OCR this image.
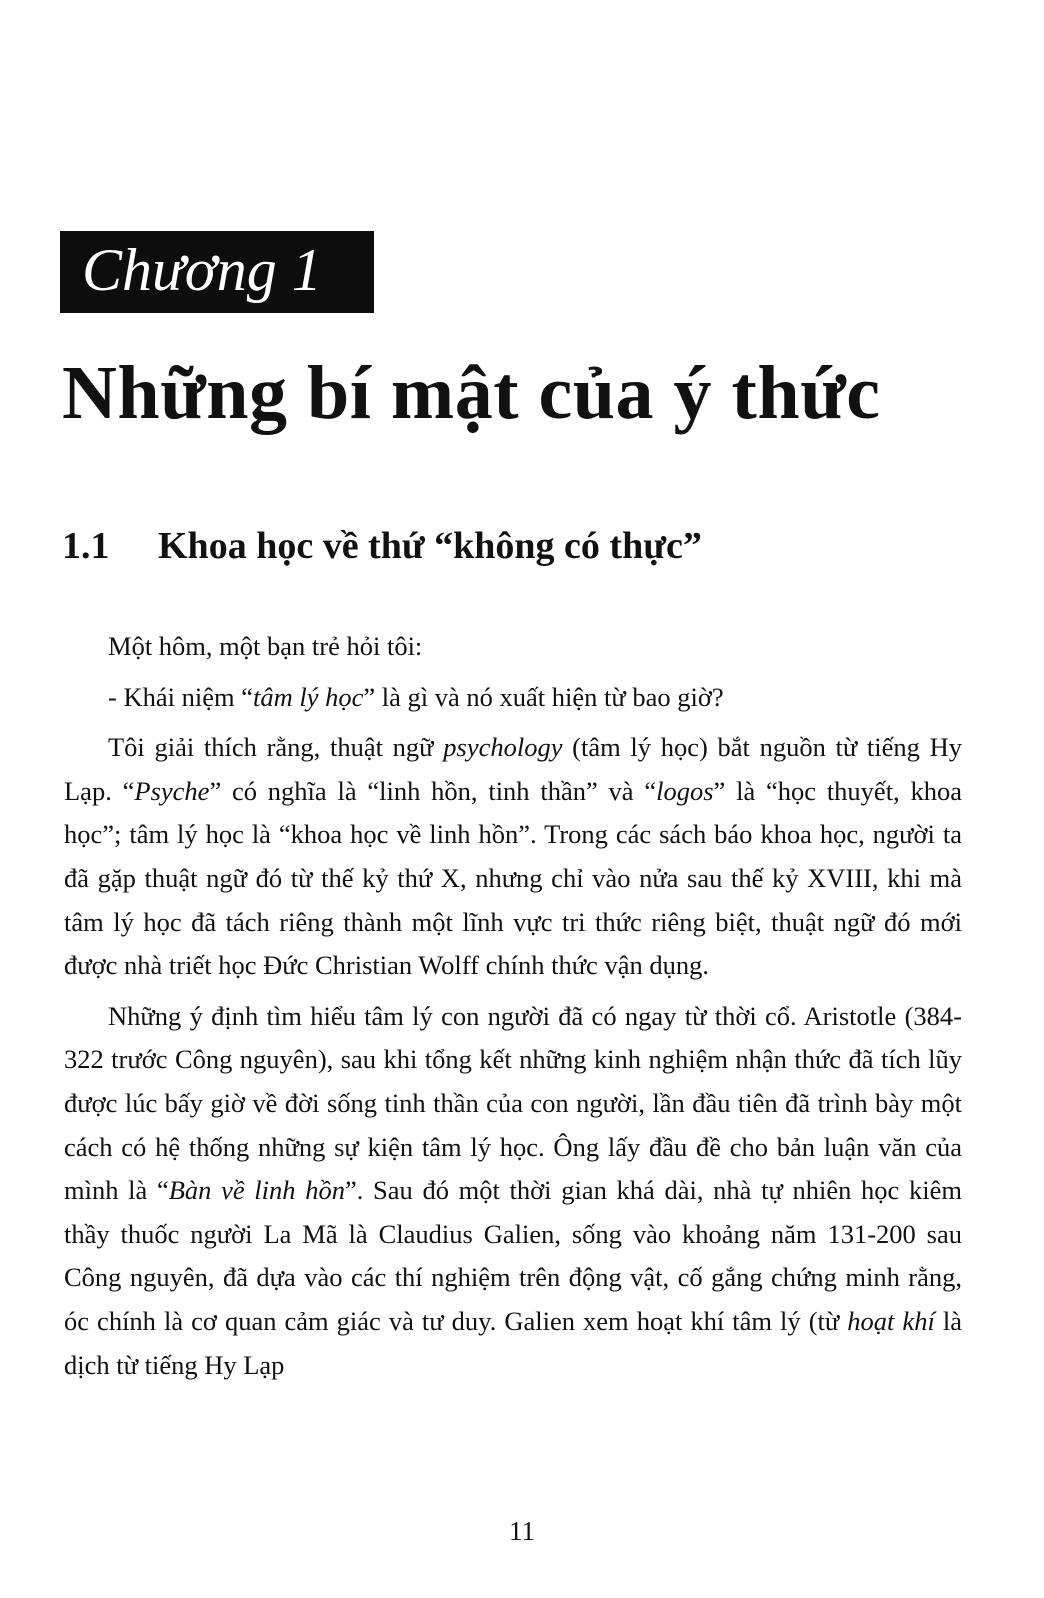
Chương 1
Những bí mật của ý thức
1.1 Khoa học về thứ “không có thực”

Một hôm, một bạn trẻ hỏi tôi:

- Khái niệm “tâm lý học” là gì và nó xuất hiện từ bao giờ?

Tôi giải thích rằng, thuật ngữ psychology (tâm lý học) bắt nguồn từ tiếng Hy Lạp. “Psyche” có nghĩa là “linh hồn, tinh thần” và “logos” là “học thuyết, khoa học”; tâm lý học là “khoa học về linh hồn”. Trong các sách báo khoa học, người ta đã gặp thuật ngữ đó từ thế kỷ thứ X, nhưng chỉ vào nửa sau thế kỷ XVIII, khi mà tâm lý học đã tách riêng thành một lĩnh vực tri thức riêng biệt, thuật ngữ đó mới được nhà triết học Đức Christian Wolff chính thức vận dụng.

Những ý định tìm hiểu tâm lý con người đã có ngay từ thời cổ. Aristotle (384-322 trước Công nguyên), sau khi tổng kết những kinh nghiệm nhận thức đã tích lũy được lúc bấy giờ về đời sống tinh thần của con người, lần đầu tiên đã trình bày một cách có hệ thống những sự kiện tâm lý học. Ông lấy đầu đề cho bản luận văn của mình là “Bàn về linh hồn”. Sau đó một thời gian khá dài, nhà tự nhiên học kiêm thầy thuốc người La Mã là Claudius Galien, sống vào khoảng năm 131-200 sau Công nguyên, đã dựa vào các thí nghiệm trên động vật, cố gắng chứng minh rằng, óc chính là cơ quan cảm giác và tư duy. Galien xem hoạt khí tâm lý (từ hoạt khí là dịch từ tiếng Hy Lạp

11
